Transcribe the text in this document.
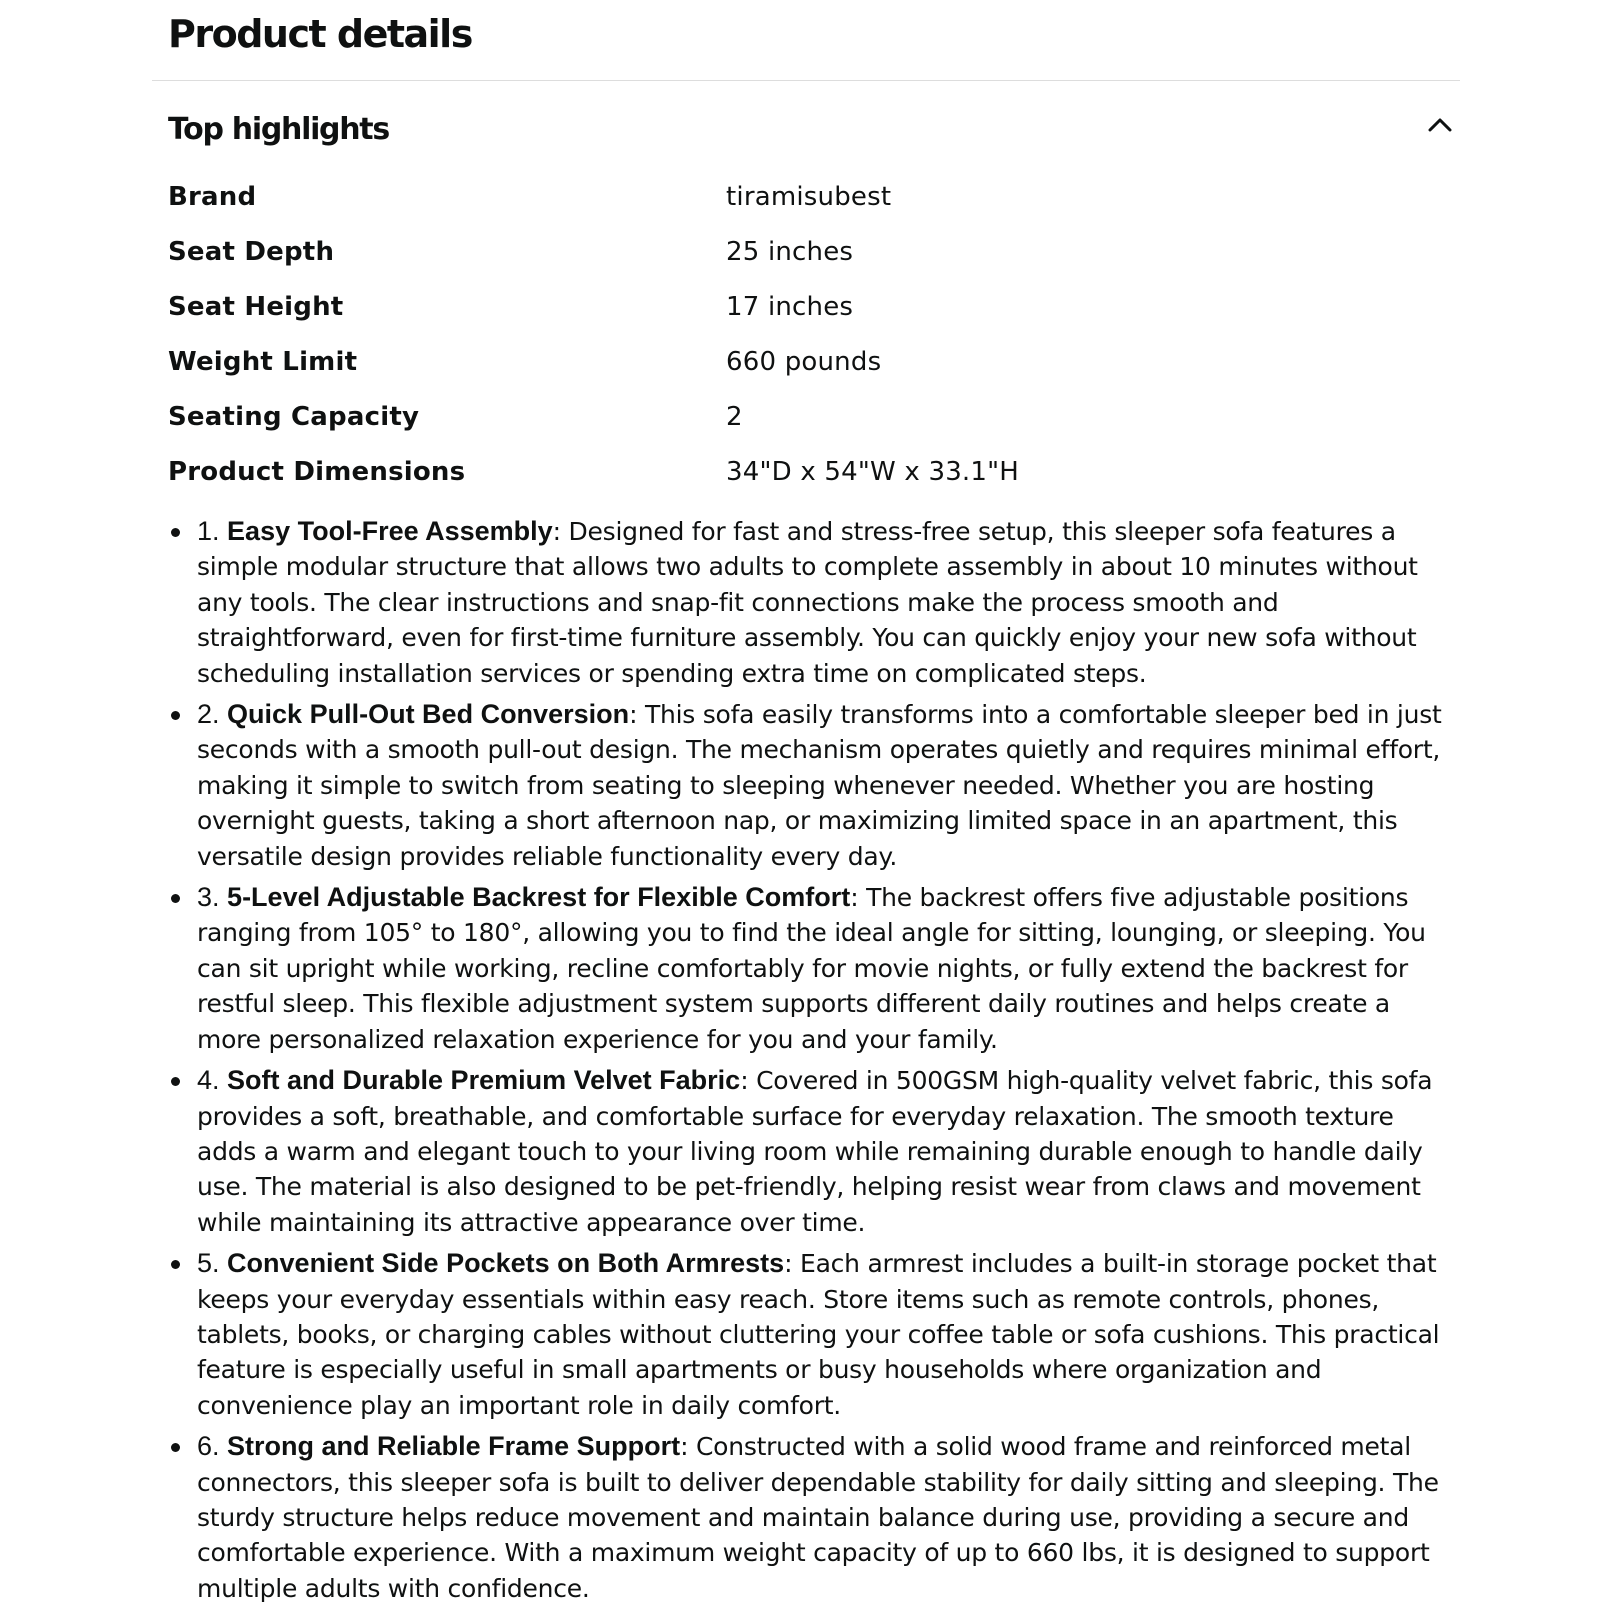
Product details
Top highlights
Brand	tiramisubest
Seat Depth	25 inches
Seat Height	17 inches
Weight Limit	660 pounds
Seating Capacity	2
Product Dimensions	34"D x 54"W x 33.1"H
1. Easy Tool-Free Assembly: Designed for fast and stress-free setup, this sleeper sofa features a simple modular structure that allows two adults to complete assembly in about 10 minutes without any tools. The clear instructions and snap-fit connections make the process smooth and straightforward, even for first-time furniture assembly. You can quickly enjoy your new sofa without scheduling installation services or spending extra time on complicated steps.
2. Quick Pull-Out Bed Conversion: This sofa easily transforms into a comfortable sleeper bed in just seconds with a smooth pull-out design. The mechanism operates quietly and requires minimal effort, making it simple to switch from seating to sleeping whenever needed. Whether you are hosting overnight guests, taking a short afternoon nap, or maximizing limited space in an apartment, this versatile design provides reliable functionality every day.
3. 5-Level Adjustable Backrest for Flexible Comfort: The backrest offers five adjustable positions ranging from 105° to 180°, allowing you to find the ideal angle for sitting, lounging, or sleeping. You can sit upright while working, recline comfortably for movie nights, or fully extend the backrest for restful sleep. This flexible adjustment system supports different daily routines and helps create a more personalized relaxation experience for you and your family.
4. Soft and Durable Premium Velvet Fabric: Covered in 500GSM high-quality velvet fabric, this sofa provides a soft, breathable, and comfortable surface for everyday relaxation. The smooth texture adds a warm and elegant touch to your living room while remaining durable enough to handle daily use. The material is also designed to be pet-friendly, helping resist wear from claws and movement while maintaining its attractive appearance over time.
5. Convenient Side Pockets on Both Armrests: Each armrest includes a built-in storage pocket that keeps your everyday essentials within easy reach. Store items such as remote controls, phones, tablets, books, or charging cables without cluttering your coffee table or sofa cushions. This practical feature is especially useful in small apartments or busy households where organization and convenience play an important role in daily comfort.
6. Strong and Reliable Frame Support: Constructed with a solid wood frame and reinforced metal connectors, this sleeper sofa is built to deliver dependable stability for daily sitting and sleeping. The sturdy structure helps reduce movement and maintain balance during use, providing a secure and comfortable experience. With a maximum weight capacity of up to 660 lbs, it is designed to support multiple adults with confidence.
